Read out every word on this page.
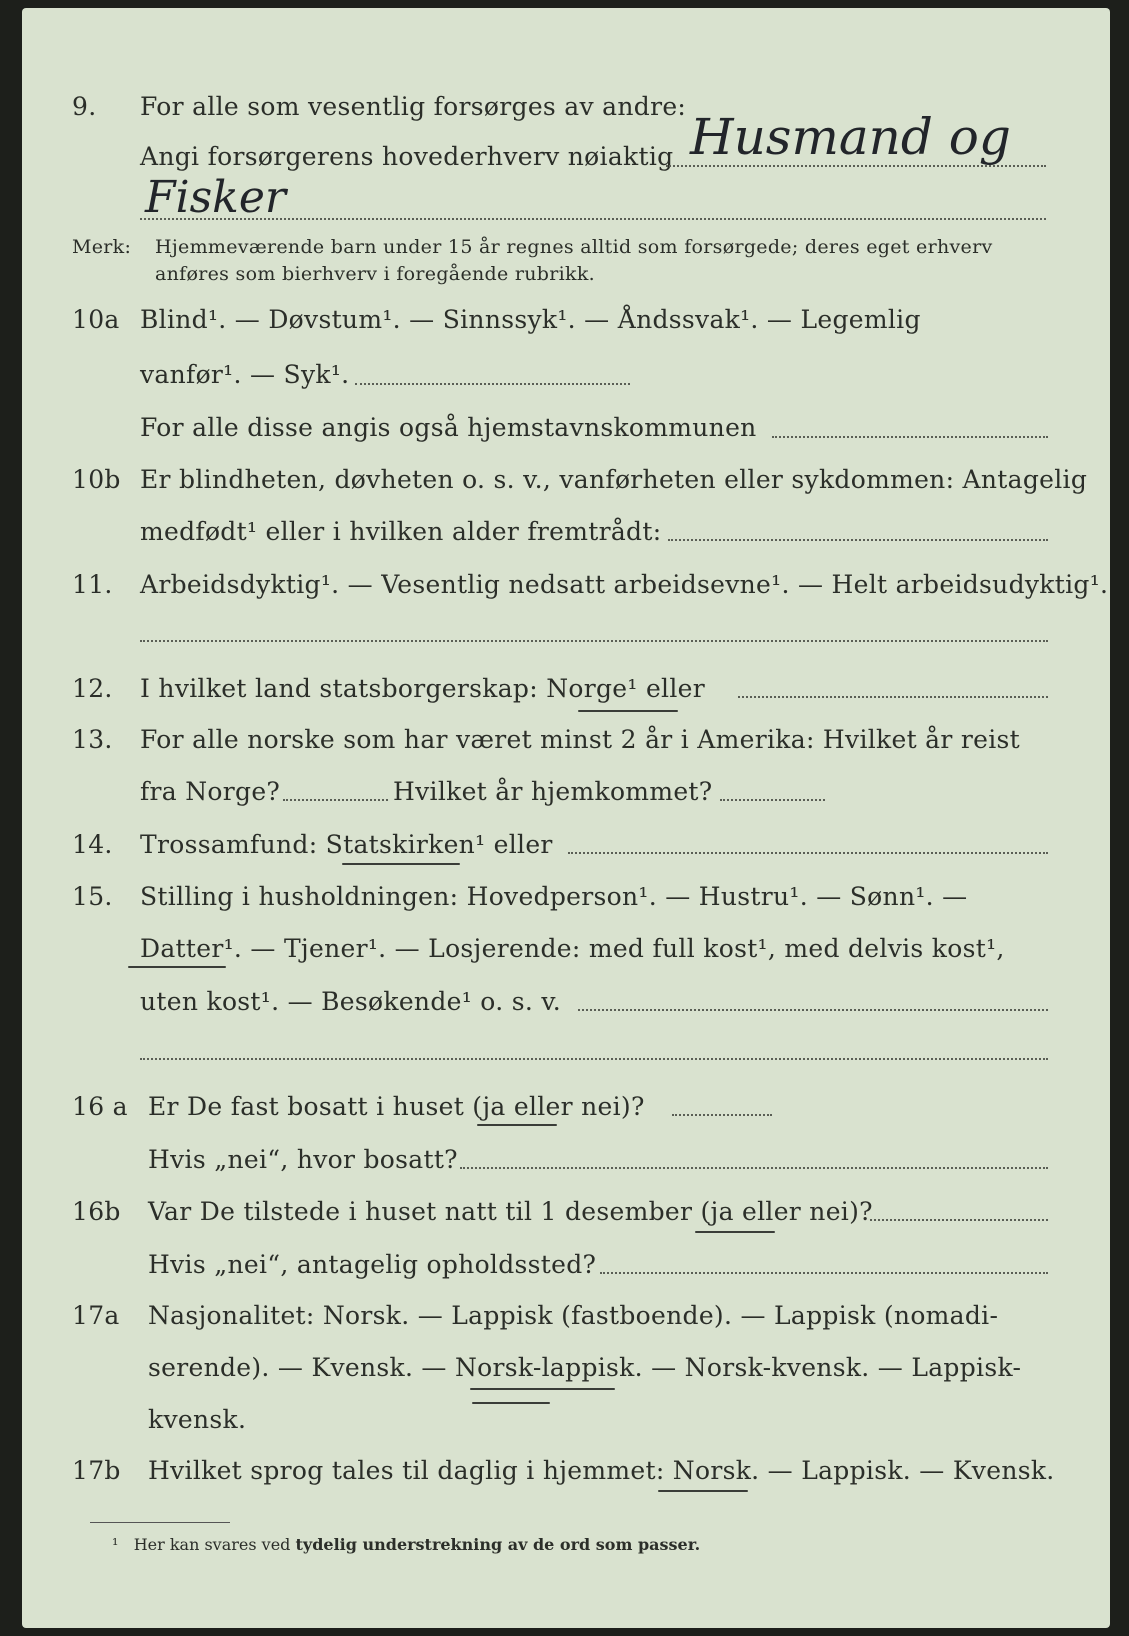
9. For alle som vesentlig forsørges av andre:
Angi forsørgerens hovederhverv nøiaktig Husmand og
Fisker
Merk: Hjemmeværende barn under 15 år regnes alltid som forsørgede; deres eget erhverv
anføres som bierhverv i foregående rubrikk.
10a Blind¹. — Døvstum¹. — Sinnssyk¹. — Åndssvak¹. — Legemlig
vanfør¹. — Syk¹.
For alle disse angis også hjemstavnskommunen
10b Er blindheten, døvheten o. s. v., vanførheten eller sykdommen: Antagelig
medfødt¹ eller i hvilken alder fremtrådt:
11. Arbeidsdyktig¹. — Vesentlig nedsatt arbeidsevne¹. — Helt arbeidsudyktig¹.
12. I hvilket land statsborgerskap: Norge¹ eller
13. For alle norske som har været minst 2 år i Amerika: Hvilket år reist
fra Norge?	Hvilket år hjemkommet?
14. Trossamfund: Statskirken¹ eller
15. Stilling i husholdningen: Hovedperson¹. — Hustru¹. — Sønn¹. —
Datter¹. — Tjener¹. — Losjerende: med full kost¹, med delvis kost¹,
uten kost¹. — Besøkende¹ o. s. v.
16 a Er De fast bosatt i huset (ja eller nei)?
Hvis „nei“, hvor bosatt?
16b Var De tilstede i huset natt til 1 desember (ja eller nei)?
Hvis „nei“, antagelig opholdssted?
17a Nasjonalitet: Norsk. — Lappisk (fastboende). — Lappisk (nomadi-
serende). — Kvensk. — Norsk-lappisk. — Norsk-kvensk. — Lappisk-
kvensk.
17b Hvilket sprog tales til daglig i hjemmet: Norsk. — Lappisk. — Kvensk.
¹ Her kan svares ved tydelig understrekning av de ord som passer.
